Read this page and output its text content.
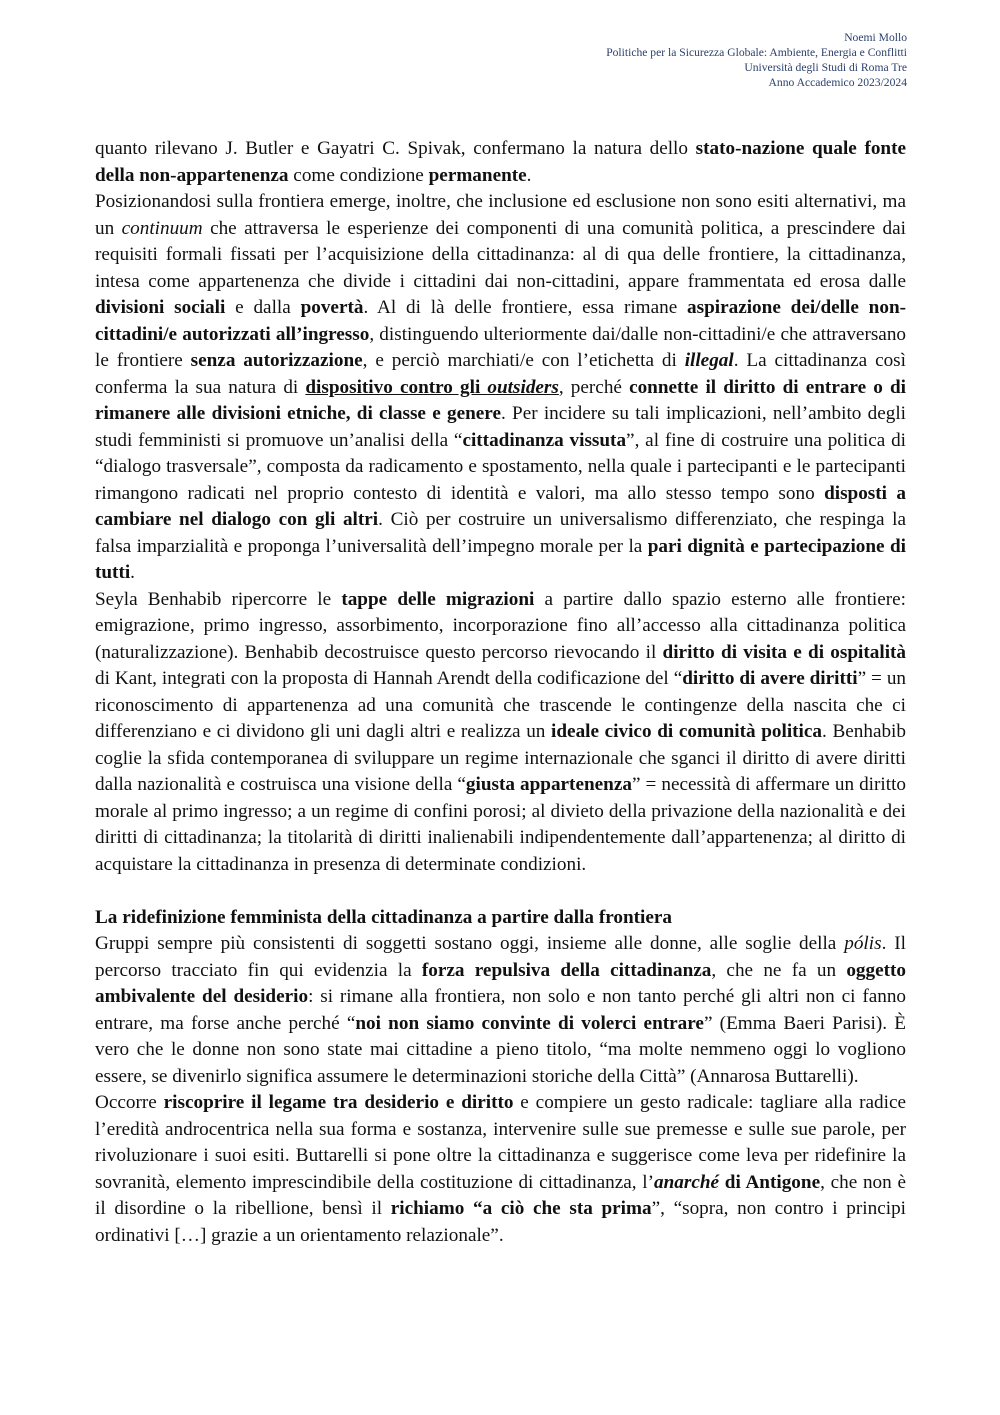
Noemi Mollo
Politiche per la Sicurezza Globale: Ambiente, Energia e Conflitti
Università degli Studi di Roma Tre
Anno Accademico 2023/2024

quanto rilevano J. Butler e Gayatri C. Spivak, confermano la natura dello stato-nazione quale fonte della non-appartenenza come condizione permanente.

Posizionandosi sulla frontiera emerge, inoltre, che inclusione ed esclusione non sono esiti alternativi, ma un continuum che attraversa le esperienze dei componenti di una comunità politica, a prescindere dai requisiti formali fissati per l’acquisizione della cittadinanza: al di qua delle frontiere, la cittadinanza, intesa come appartenenza che divide i cittadini dai non-cittadini, appare frammentata ed erosa dalle divisioni sociali e dalla povertà. Al di là delle frontiere, essa rimane aspirazione dei/delle non-cittadini/e autorizzati all’ingresso, distinguendo ulteriormente dai/dalle non-cittadini/e che attraversano le frontiere senza autorizzazione, e perciò marchiati/e con l’etichetta di illegal. La cittadinanza così conferma la sua natura di dispositivo contro gli outsiders, perché connette il diritto di entrare o di rimanere alle divisioni etniche, di classe e genere. Per incidere su tali implicazioni, nell’ambito degli studi femministi si promuove un’analisi della “cittadinanza vissuta”, al fine di costruire una politica di “dialogo trasversale”, composta da radicamento e spostamento, nella quale i partecipanti e le partecipanti rimangono radicati nel proprio contesto di identità e valori, ma allo stesso tempo sono disposti a cambiare nel dialogo con gli altri. Ciò per costruire un universalismo differenziato, che respinga la falsa imparzialità e proponga l’universalità dell’impegno morale per la pari dignità e partecipazione di tutti.

Seyla Benhabib ripercorre le tappe delle migrazioni a partire dallo spazio esterno alle frontiere: emigrazione, primo ingresso, assorbimento, incorporazione fino all’accesso alla cittadinanza politica (naturalizzazione). Benhabib decostruisce questo percorso rievocando il diritto di visita e di ospitalità di Kant, integrati con la proposta di Hannah Arendt della codificazione del “diritto di avere diritti” = un riconoscimento di appartenenza ad una comunità che trascende le contingenze della nascita che ci differenziano e ci dividono gli uni dagli altri e realizza un ideale civico di comunità politica. Benhabib coglie la sfida contemporanea di sviluppare un regime internazionale che sganci il diritto di avere diritti dalla nazionalità e costruisca una visione della “giusta appartenenza” = necessità di affermare un diritto morale al primo ingresso; a un regime di confini porosi; al divieto della privazione della nazionalità e dei diritti di cittadinanza; la titolarità di diritti inalienabili indipendentemente dall’appartenenza; al diritto di acquistare la cittadinanza in presenza di determinate condizioni.

La ridefinizione femminista della cittadinanza a partire dalla frontiera

Gruppi sempre più consistenti di soggetti sostano oggi, insieme alle donne, alle soglie della pólis. Il percorso tracciato fin qui evidenzia la forza repulsiva della cittadinanza, che ne fa un oggetto ambivalente del desiderio: si rimane alla frontiera, non solo e non tanto perché gli altri non ci fanno entrare, ma forse anche perché “noi non siamo convinte di volerci entrare” (Emma Baeri Parisi). È vero che le donne non sono state mai cittadine a pieno titolo, “ma molte nemmeno oggi lo vogliono essere, se divenirlo significa assumere le determinazioni storiche della Città” (Annarosa Buttarelli).

Occorre riscoprire il legame tra desiderio e diritto e compiere un gesto radicale: tagliare alla radice l’eredità androcentrica nella sua forma e sostanza, intervenire sulle sue premesse e sulle sue parole, per rivoluzionare i suoi esiti. Buttarelli si pone oltre la cittadinanza e suggerisce come leva per ridefinire la sovranità, elemento imprescindibile della costituzione di cittadinanza, l’anarché di Antigone, che non è il disordine o la ribellione, bensì il richiamo “a ciò che sta prima”, “sopra, non contro i principi ordinativi […] grazie a un orientamento relazionale”.
